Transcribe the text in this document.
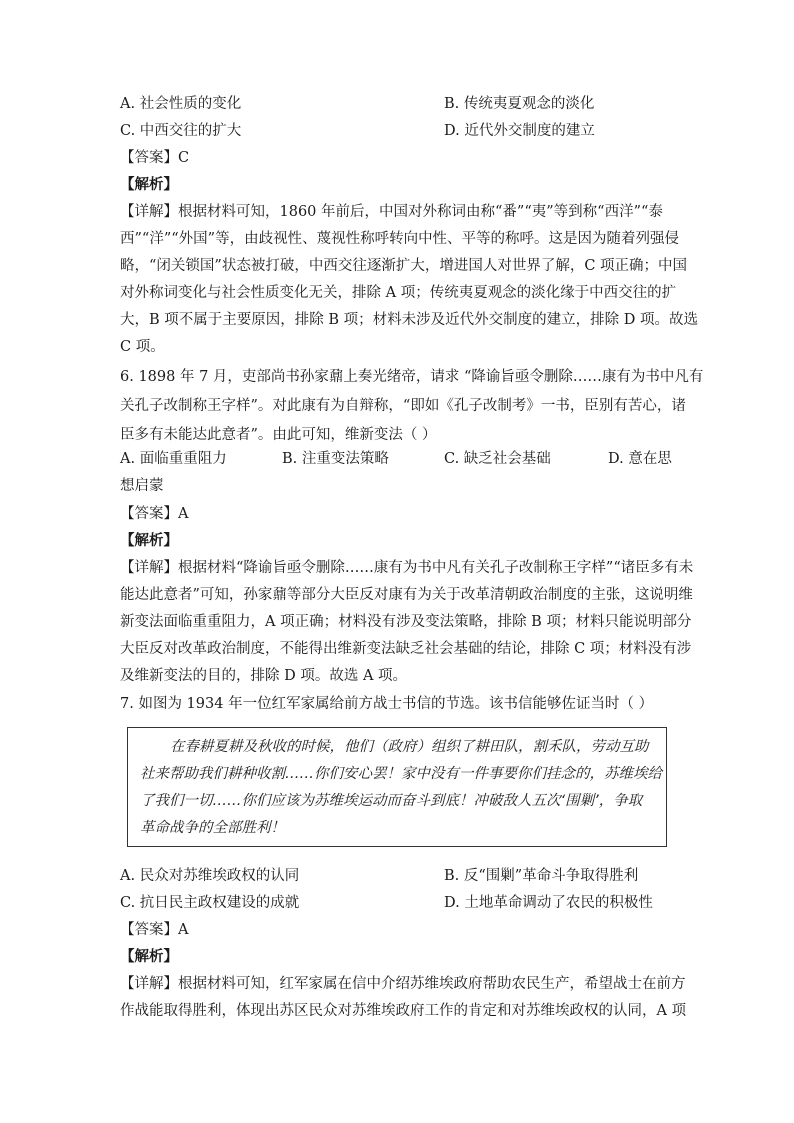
A. 社会性质的变化	B. 传统夷夏观念的淡化
C. 中西交往的扩大	D. 近代外交制度的建立
【答案】C
【解析】
【详解】根据材料可知，1860 年前后，中国对外称词由称“番”“夷”等到称“西洋”“泰
西”“洋”“外国”等，由歧视性、蔑视性称呼转向中性、平等的称呼。这是因为随着列强侵
略，“闭关锁国”状态被打破，中西交往逐渐扩大，增进国人对世界了解，C 项正确；中国
对外称词变化与社会性质变化无关，排除 A 项；传统夷夏观念的淡化缘于中西交往的扩
大，B 项不属于主要原因，排除 B 项；材料未涉及近代外交制度的建立，排除 D 项。故选
C 项。
6. 1898 年 7 月，吏部尚书孙家鼐上奏光绪帝，请求 “降谕旨亟令删除……康有为书中凡有
关孔子改制称王字样”。对此康有为自辩称，“即如《孔子改制考》一书，臣别有苦心，诸
臣多有未能达此意者”。由此可知，维新变法（ ）
A. 面临重重阻力	B. 注重变法策略	C. 缺乏社会基础	D. 意在思
想启蒙
【答案】A
【解析】
【详解】根据材料“降谕旨亟令删除……康有为书中凡有关孔子改制称王字样”“诸臣多有未
能达此意者”可知，孙家鼐等部分大臣反对康有为关于改革清朝政治制度的主张，这说明维
新变法面临重重阻力，A 项正确；材料没有涉及变法策略，排除 B 项；材料只能说明部分
大臣反对改革政治制度，不能得出维新变法缺乏社会基础的结论，排除 C 项；材料没有涉
及维新变法的目的，排除 D 项。故选 A 项。
7. 如图为 1934 年一位红军家属给前方战士书信的节选。该书信能够佐证当时（ ）
在春耕夏耕及秋收的时候，他们（政府）组织了耕田队，割禾队，劳动互助
社来帮助我们耕种收割……你们安心罢！家中没有一件事要你们挂念的，苏维埃给
了我们一切……你们应该为苏维埃运动而奋斗到底！冲破敌人五次‘围剿’，争取
革命战争的全部胜利！
A. 民众对苏维埃政权的认同	B. 反“围剿”革命斗争取得胜利
C. 抗日民主政权建设的成就	D. 土地革命调动了农民的积极性
【答案】A
【解析】
【详解】根据材料可知，红军家属在信中介绍苏维埃政府帮助农民生产，希望战士在前方
作战能取得胜利，体现出苏区民众对苏维埃政府工作的肯定和对苏维埃政权的认同，A 项
